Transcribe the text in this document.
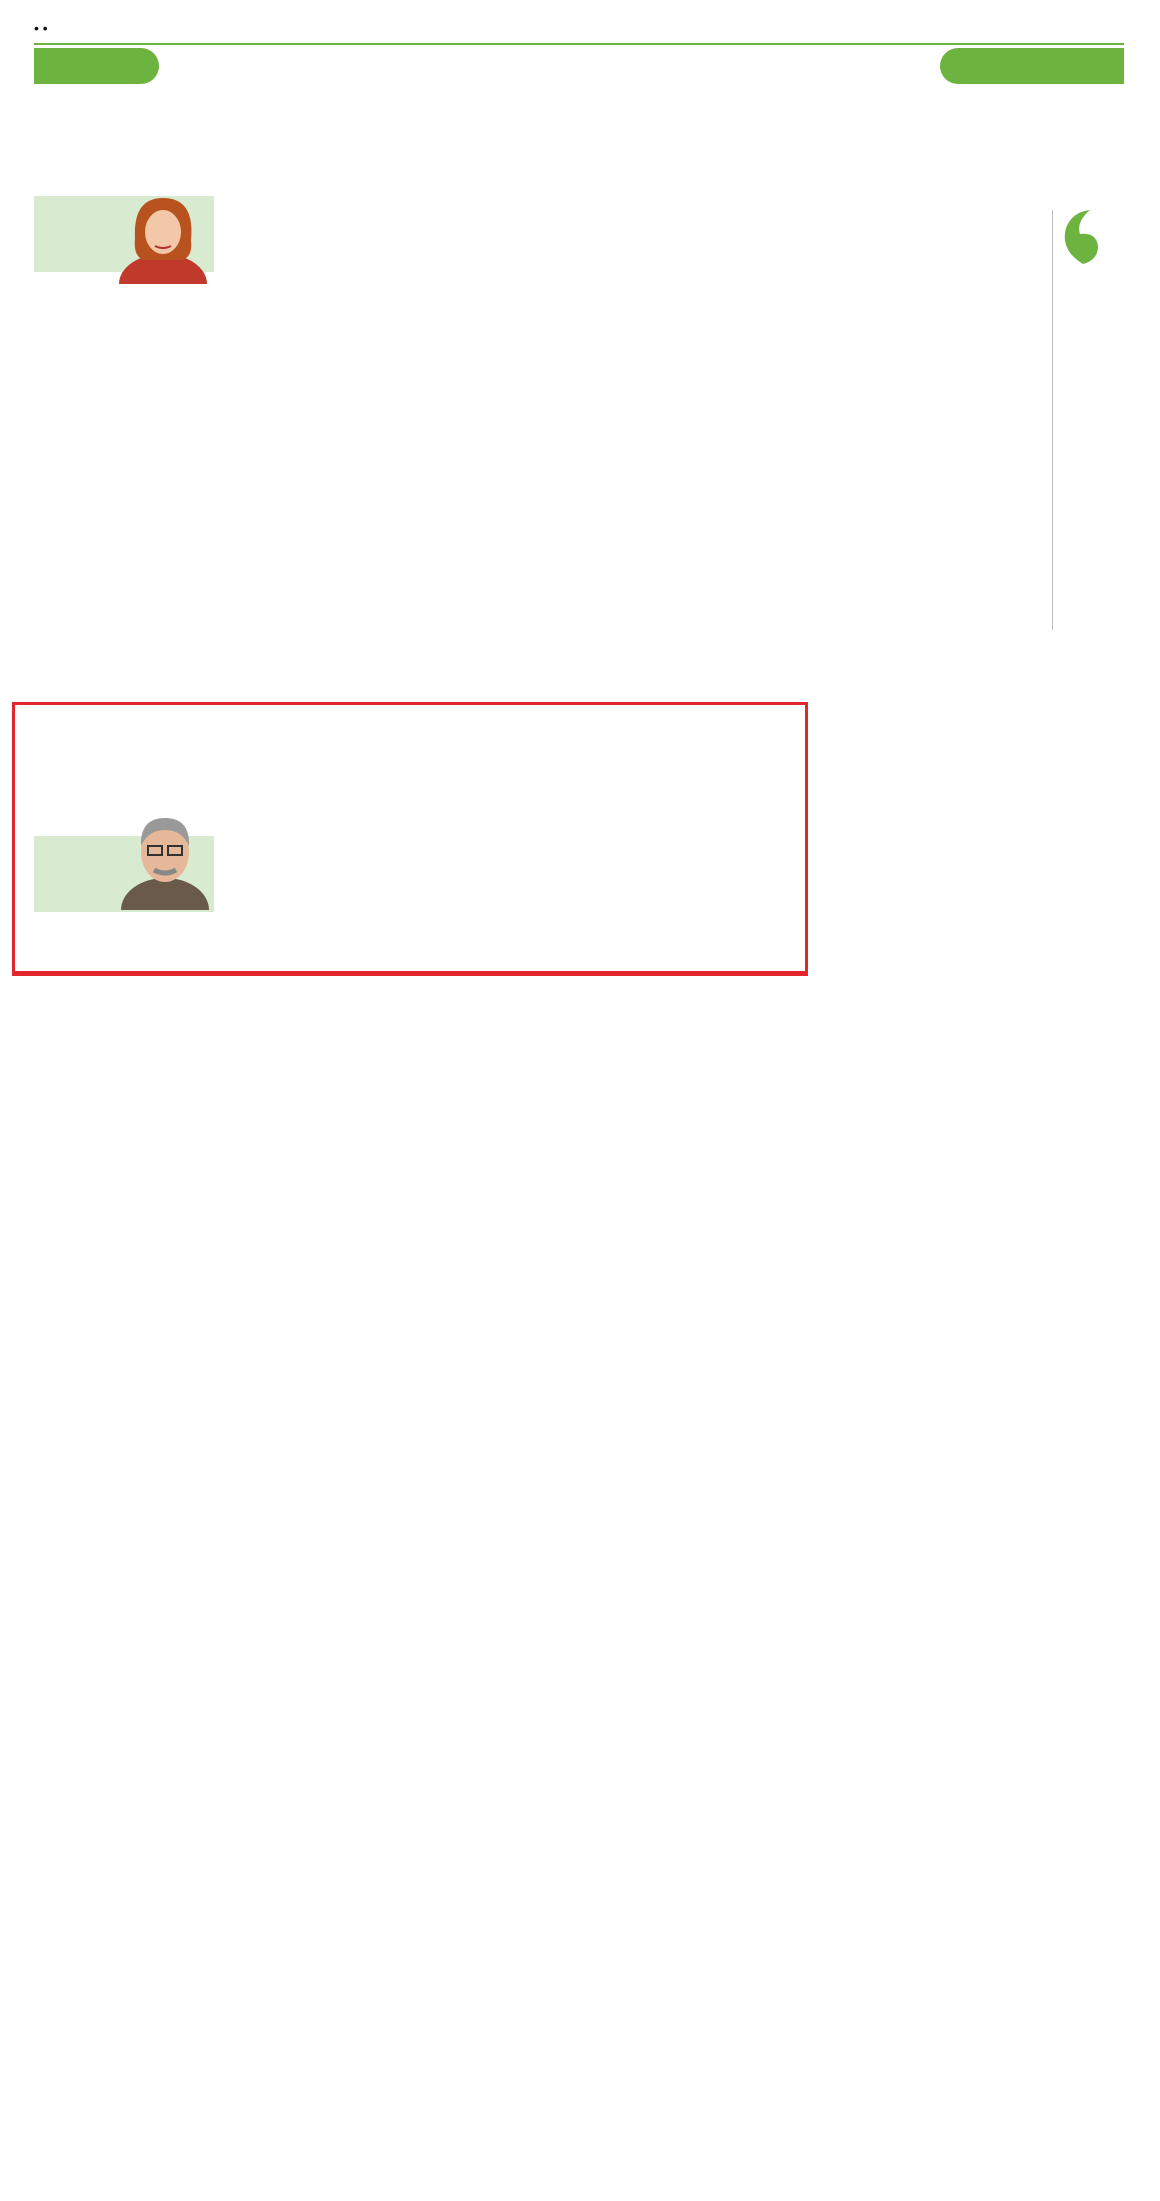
• •
